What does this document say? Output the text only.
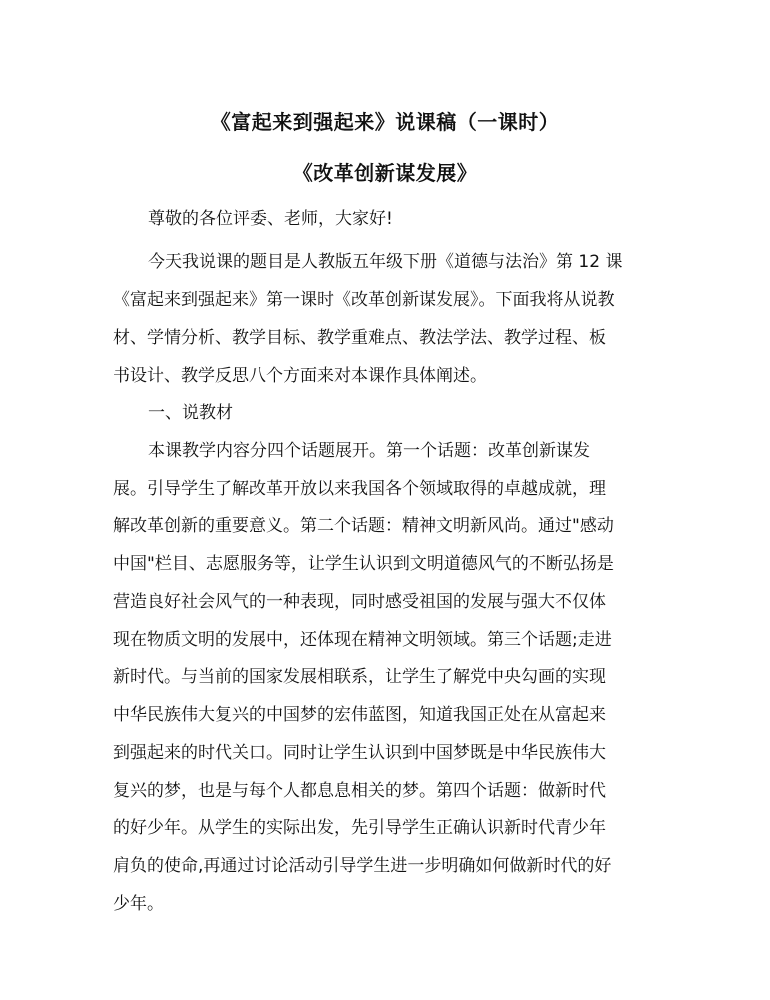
《富起来到强起来》说课稿（一课时）
《改革创新谋发展》
尊敬的各位评委、老师，大家好!
今天我说课的题目是人教版五年级下册《道德与法治》第 12 课
《富起来到强起来》第一课时《改革创新谋发展》。下面我将从说教
材、学情分析、教学目标、教学重难点、教法学法、教学过程、板
书设计、教学反思八个方面来对本课作具体阐述。
一、说教材
本课教学内容分四个话题展开。第一个话题：改革创新谋发
展。引导学生了解改革开放以来我国各个领域取得的卓越成就，理
解改革创新的重要意义。第二个话题：精神文明新风尚。通过"感动
中国"栏目、志愿服务等，让学生认识到文明道德风气的不断弘扬是
营造良好社会风气的一种表现，同时感受祖国的发展与强大不仅体
现在物质文明的发展中，还体现在精神文明领域。第三个话题;走进
新时代。与当前的国家发展相联系，让学生了解党中央勾画的实现
中华民族伟大复兴的中国梦的宏伟蓝图，知道我国正处在从富起来
到强起来的时代关口。同时让学生认识到中国梦既是中华民族伟大
复兴的梦，也是与每个人都息息相关的梦。第四个话题：做新时代
的好少年。从学生的实际出发，先引导学生正确认识新时代青少年
肩负的使命,再通过讨论活动引导学生进一步明确如何做新时代的好
少年。
